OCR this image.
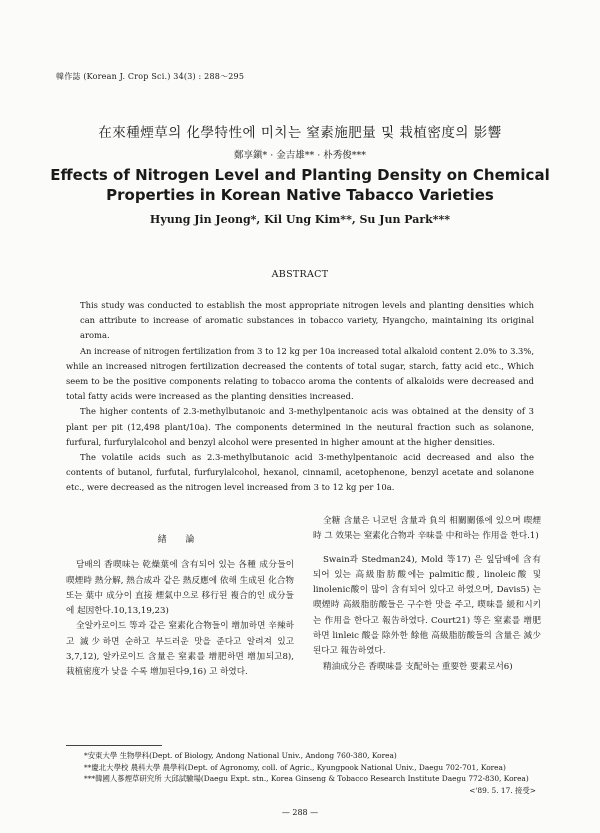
韓作誌 (Korean J. Crop Sci.) 34(3) : 288～295
在來種煙草의 化學特性에 미치는 窒素施肥量 및 栽植密度의 影響
鄭享鎭* · 金吉雄** · 朴秀俊***
Effects of Nitrogen Level and Planting Density on Chemical
Properties in Korean Native Tabacco Varieties
Hyung Jin Jeong*, Kil Ung Kim**, Su Jun Park***
ABSTRACT

This study was conducted to establish the most appropriate nitrogen levels and planting densities which can attribute to increase of aromatic substances in tobacco variety, Hyangcho, maintaining its original aroma.

An increase of nitrogen fertilization from 3 to 12 kg per 10a increased total alkaloid content 2.0% to 3.3%, while an increased nitrogen fertilization decreased the contents of total sugar, starch, fatty acid etc., Which seem to be the positive components relating to tobacco aroma the contents of alkaloids were decreased and total fatty acids were increased as the planting densities increased.

The higher contents of 2.3-methylbutanoic and 3-methylpentanoic acis was obtained at the density of 3 plant per pit (12,498 plant/10a). The components determined in the neutural fraction such as solanone, furfural, furfurylalcohol and benzyl alcohol were presented in higher amount at the higher densities.

The volatile acids such as 2.3-methylbutanoic acid 3-methylpentanoic acid decreased and also the contents of butanol, furfutal, furfurylalcohol, hexanol, cinnamil, acetophenone, benzyl acetate and solanone etc., were decreased as the nitrogen level increased from 3 to 12 kg per 10a.

緖 論

담배의 香喫味는 乾燥葉에 含有되어 있는 各種 成分들이 喫煙時 熱分解, 熱合成과 같은 熱反應에 依해 生成된 化合物 또는 葉中 成分이 直接 煙氣中으로 移行된 複合的인 成分들에 起因한다.10,13,19,23)

全알카로이드 等과 같은 窒素化合物들이 增加하면 辛辣하고 滅少하면 순하고 부드러운 맛을 준다고 알려져 있고3,7,12), 알카로이드 含量은 窒素를 增肥하면 增加되고8), 栽植密度가 낮을 수록 增加된다9,16) 고 하였다.

全糖 含量은 니코틴 含量과 負의 相關關係에 있으며 喫煙時 그 效果는 窒素化合物과 辛味를 中和하는 作用을 한다.1)

Swain과 Stedman24), Mold 等17) 은 잎담배에 含有되어 있는 高級脂肪酸에는 palmitic酸, linoleic酸 및 linolenic酸이 많이 含有되어 있다고 하였으며, Davis5) 는 喫煙時 高級脂肪酸들은 구수한 맛을 주고, 喫味를 緩和시키는 作用을 한다고 報告하였다. Court21) 等은 窒素를 增肥하면 linleic 酸을 除外한 餘他 高級脂肪酸들의 含量은 減少된다고 報告하였다.

精油成分은 香喫味를 支配하는 重要한 要素로서6)

*安東大學 生物學科(Dept. of Biology, Andong National Univ., Andong 760-380, Korea)

**慶北大學校 農科大學 農學科(Dept. of Agronomy, coll. of Agric., Kyungpook National Univ., Daegu 702-701, Korea)

***韓國人蔘煙草研究所 大邱試驗場(Daegu Expt. stn., Korea Ginseng & Tobacco Research Institute Daegu 772-830, Korea)

<'89. 5. 17. 接受>

— 288 —
